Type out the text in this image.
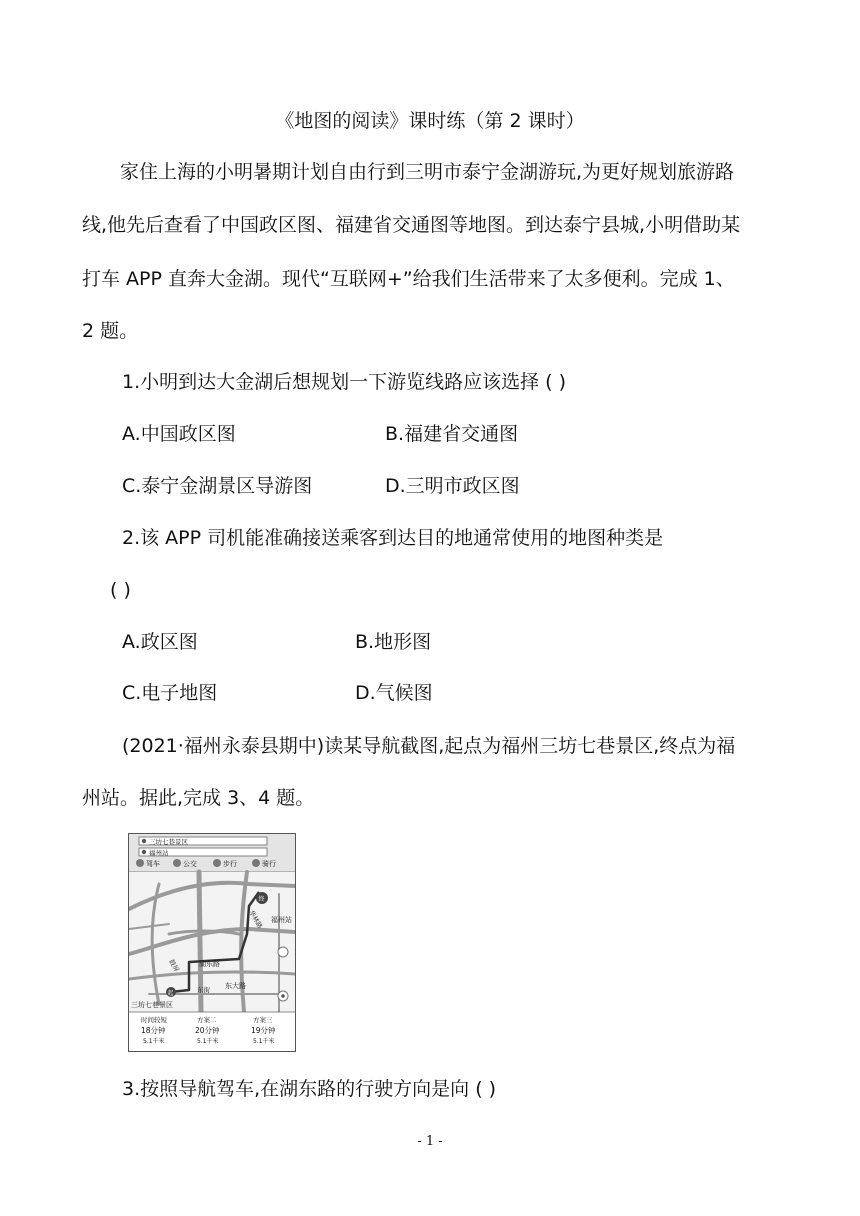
《地图的阅读》课时练（第 2 课时）
家住上海的小明暑期计划自由行到三明市泰宁金湖游玩,为更好规划旅游路
线,他先后查看了中国政区图、福建省交通图等地图。到达泰宁县城,小明借助某
打车 APP 直奔大金湖。现代“互联网+”给我们生活带来了太多便利。完成 1、
2 题。
1.小明到达大金湖后想规划一下游览线路应该选择 ( )
A.中国政区图	B.福建省交通图
C.泰宁金湖景区导游图	D.三明市政区图
2.该 APP 司机能准确接送乘客到达目的地通常使用的地图种类是
( )
A.政区图	B.地形图
C.电子地图	D.气候图
(2021·福州永泰县期中)读某导航截图,起点为福州三坊七巷景区,终点为福
州站。据此,完成 3、4 题。
三坊七巷景区
福州站
驾车	公交	步行	骑行
福州站
华林路
湖东路
东大路
东街
鼓屏
三坊七巷景区
起
终
时间较短
18分钟
5.1千米
方案二
20分钟
5.1千米
方案三
19分钟
5.1千米
3.按照导航驾车,在湖东路的行驶方向是向 ( )
- 1 -
